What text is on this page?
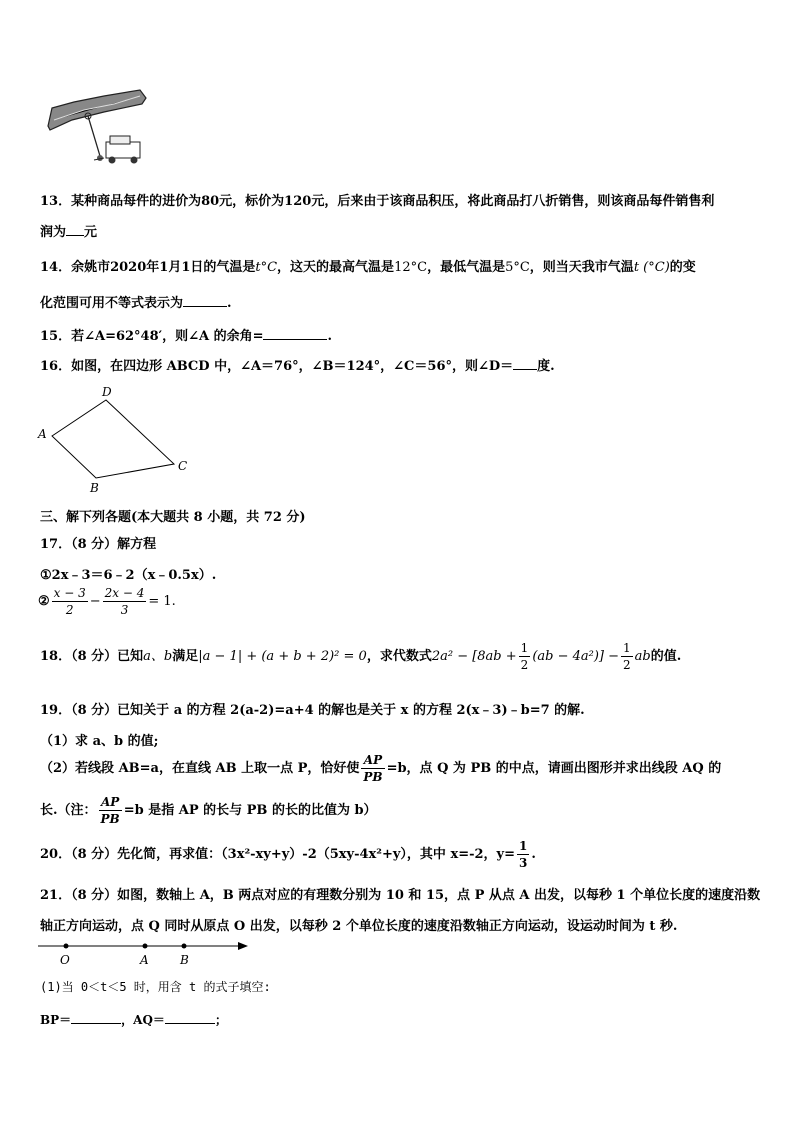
13．某种商品每件的进价为80元，标价为120元，后来由于该商品积压，将此商品打八折销售，则该商品每件销售利
润为 元
14．余姚市2020年1月1日的气温是t°C，这天的最高气温是12°C，最低气温是5°C，则当天我市气温t (°C)的变
化范围可用不等式表示为	.
15．若∠A=62°48′，则∠A 的余角=	.
16．如图，在四边形 ABCD 中，∠A＝76°，∠B＝124°，∠C＝56°，则∠D＝ 度.
A
B
C
D
三、解下列各题(本大题共 8 小题，共 72 分)
17．（8 分）解方程
①2x﹣3＝6﹣2（x﹣0.5x）.
② $\frac{x - 3}{2} - \frac{2x - 4}{3} = 1$.
18．（8 分）已知a、b满足|a − 1| + (a + b + 2)² = 0，求代数式$2a^2 - [8ab + \frac{1}{2} (ab - 4a^2)] - \frac{1}{2}$ ab的值.
19．（8 分）已知关于 a 的方程 2(a-2)=a+4 的解也是关于 x 的方程 2(x﹣3)﹣b=7 的解.
（1）求 a、b 的值;
（2）若线段 AB=a，在直线 AB 上取一点 P，恰好使 $\frac{AP}{PB} =b$，点 Q 为 PB 的中点，请画出图形并求出线段 AQ 的
长.（注： $\frac{AP}{PB} =b$ 是指 AP 的长与 PB 的长的比值为 b）
20．（8 分）先化简，再求值：（3x²-xy+y）-2（5xy-4x²+y），其中 x=-2，$y= \frac{1}{3}$ .
21．（8 分）如图，数轴上 A，B 两点对应的有理数分别为 10 和 15，点 P 从点 A 出发，以每秒 1 个单位长度的速度沿数
轴正方向运动，点 Q 同时从原点 O 出发，以每秒 2 个单位长度的速度沿数轴正方向运动，设运动时间为 t 秒.
O	A	B
(1)当 0＜t＜5 时，用含 t 的式子填空:
BP＝	，AQ＝	；
